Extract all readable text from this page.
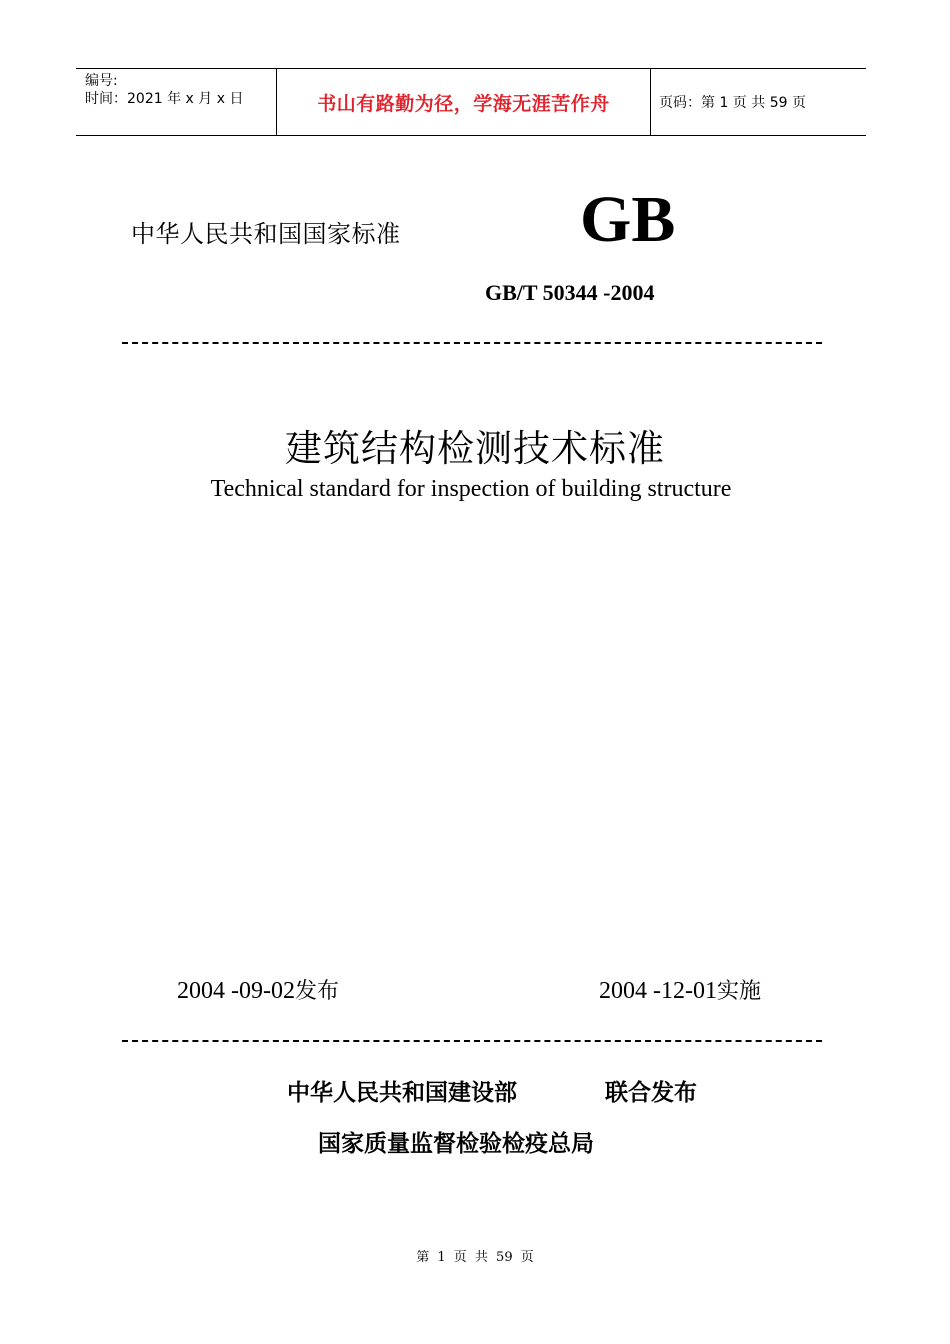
编号:
时间：2021 年 x 月 x 日	书山有路勤为径，学海无涯苦作舟	页码：第 1 页 共 59 页
中华人民共和国国家标准	GB
GB/T 50344 -2004
建筑结构检测技术标准
Technical standard for inspection of building structure
2004 -09-02发布	2004 -12-01实施
中华人民共和国建设部	联合发布
国家质量监督检验检疫总局
第 1 页 共 59 页
